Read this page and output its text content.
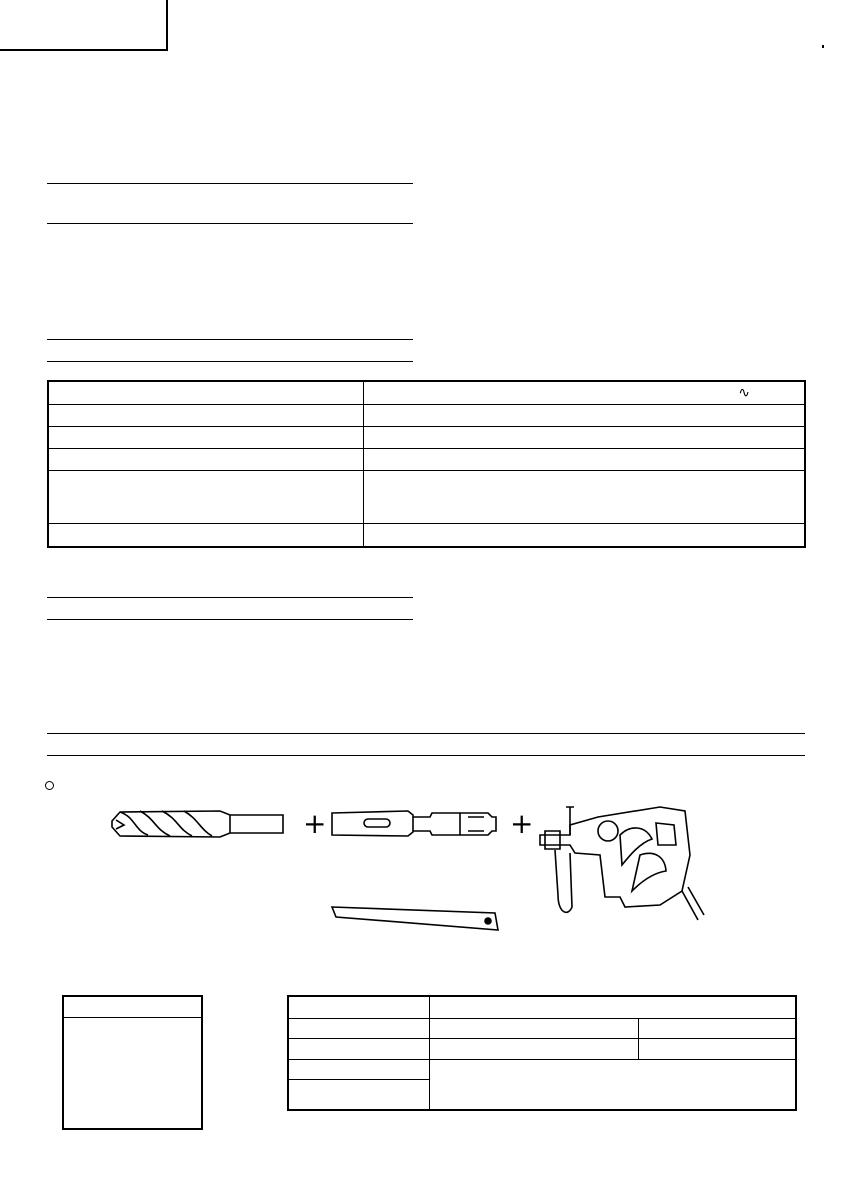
	∿

+	+
